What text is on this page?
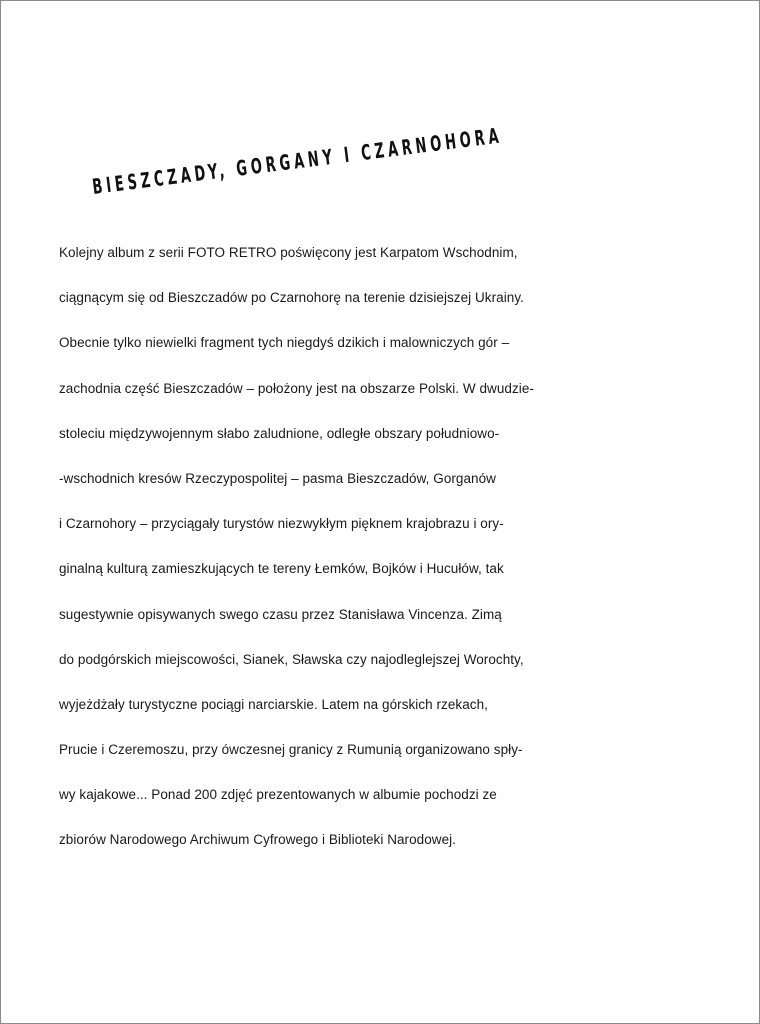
BIESZCZADY, GORGANY I CZARNOHORA
Kolejny album z serii FOTO RETRO poświęcony jest Karpatom Wschodnim,
ciągnącym się od Bieszczadów po Czarnohorę na terenie dzisiejszej Ukrainy.
Obecnie tylko niewielki fragment tych niegdyś dzikich i malowniczych gór –
zachodnia część Bieszczadów – położony jest na obszarze Polski. W dwudzie-
stoleciu międzywojennym słabo zaludnione, odległe obszary południowo-
-wschodnich kresów Rzeczypospolitej – pasma Bieszczadów, Gorganów
i Czarnohory – przyciągały turystów niezwykłym pięknem krajobrazu i ory-
ginalną kulturą zamieszkujących te tereny Łemków, Bojków i Hucułów, tak
sugestywnie opisywanych swego czasu przez Stanisława Vincenza. Zimą
do podgórskich miejscowości, Sianek, Sławska czy najodleglejszej Worochty,
wyjeżdżały turystyczne pociągi narciarskie. Latem na górskich rzekach,
Prucie i Czeremoszu, przy ówczesnej granicy z Rumunią organizowano spły-
wy kajakowe... Ponad 200 zdjęć prezentowanych w albumie pochodzi ze
zbiorów Narodowego Archiwum Cyfrowego i Biblioteki Narodowej.
